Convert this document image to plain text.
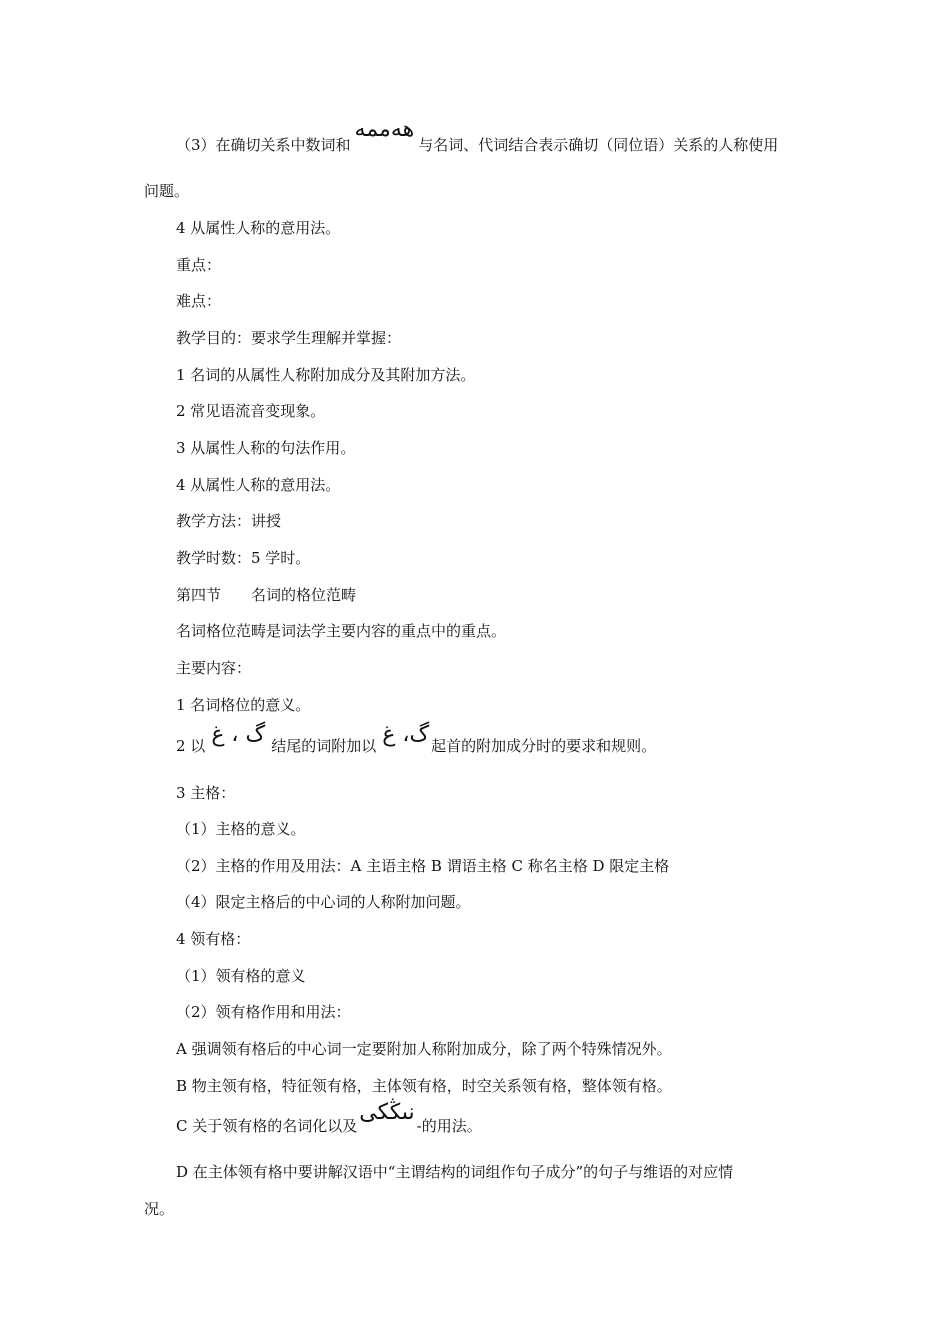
（3）在确切关系中数词和ھەممە与名词、代词结合表示确切（同位语）关系的人称使用
问题。
4 从属性人称的意用法。
重点：
难点：
教学目的：要求学生理解并掌握：
1 名词的从属性人称附加成分及其附加方法。
2 常见语流音变现象。
3 从属性人称的句法作用。
4 从属性人称的意用法。
教学方法：讲授
教学时数：5 学时。
第四节　　名词的格位范畴
名词格位范畴是词法学主要内容的重点中的重点。
主要内容：
1 名词格位的意义。
2 以 گ ، غ 结尾的词附加以 گ، غ 起首的附加成分时的要求和规则。
3 主格：
（1）主格的意义。
（2）主格的作用及用法：A 主语主格 B 谓语主格 C 称名主格 D 限定主格
（4）限定主格后的中心词的人称附加问题。
4 领有格：
（1）领有格的意义
（2）领有格作用和用法：
A 强调领有格后的中心词一定要附加人称附加成分，除了两个特殊情况外。
B 物主领有格，特征领有格，主体领有格，时空关系领有格，整体领有格。
C 关于领有格的名词化以及نىڭكى-的用法。
D 在主体领有格中要讲解汉语中“主谓结构的词组作句子成分”的句子与维语的对应情
况。
